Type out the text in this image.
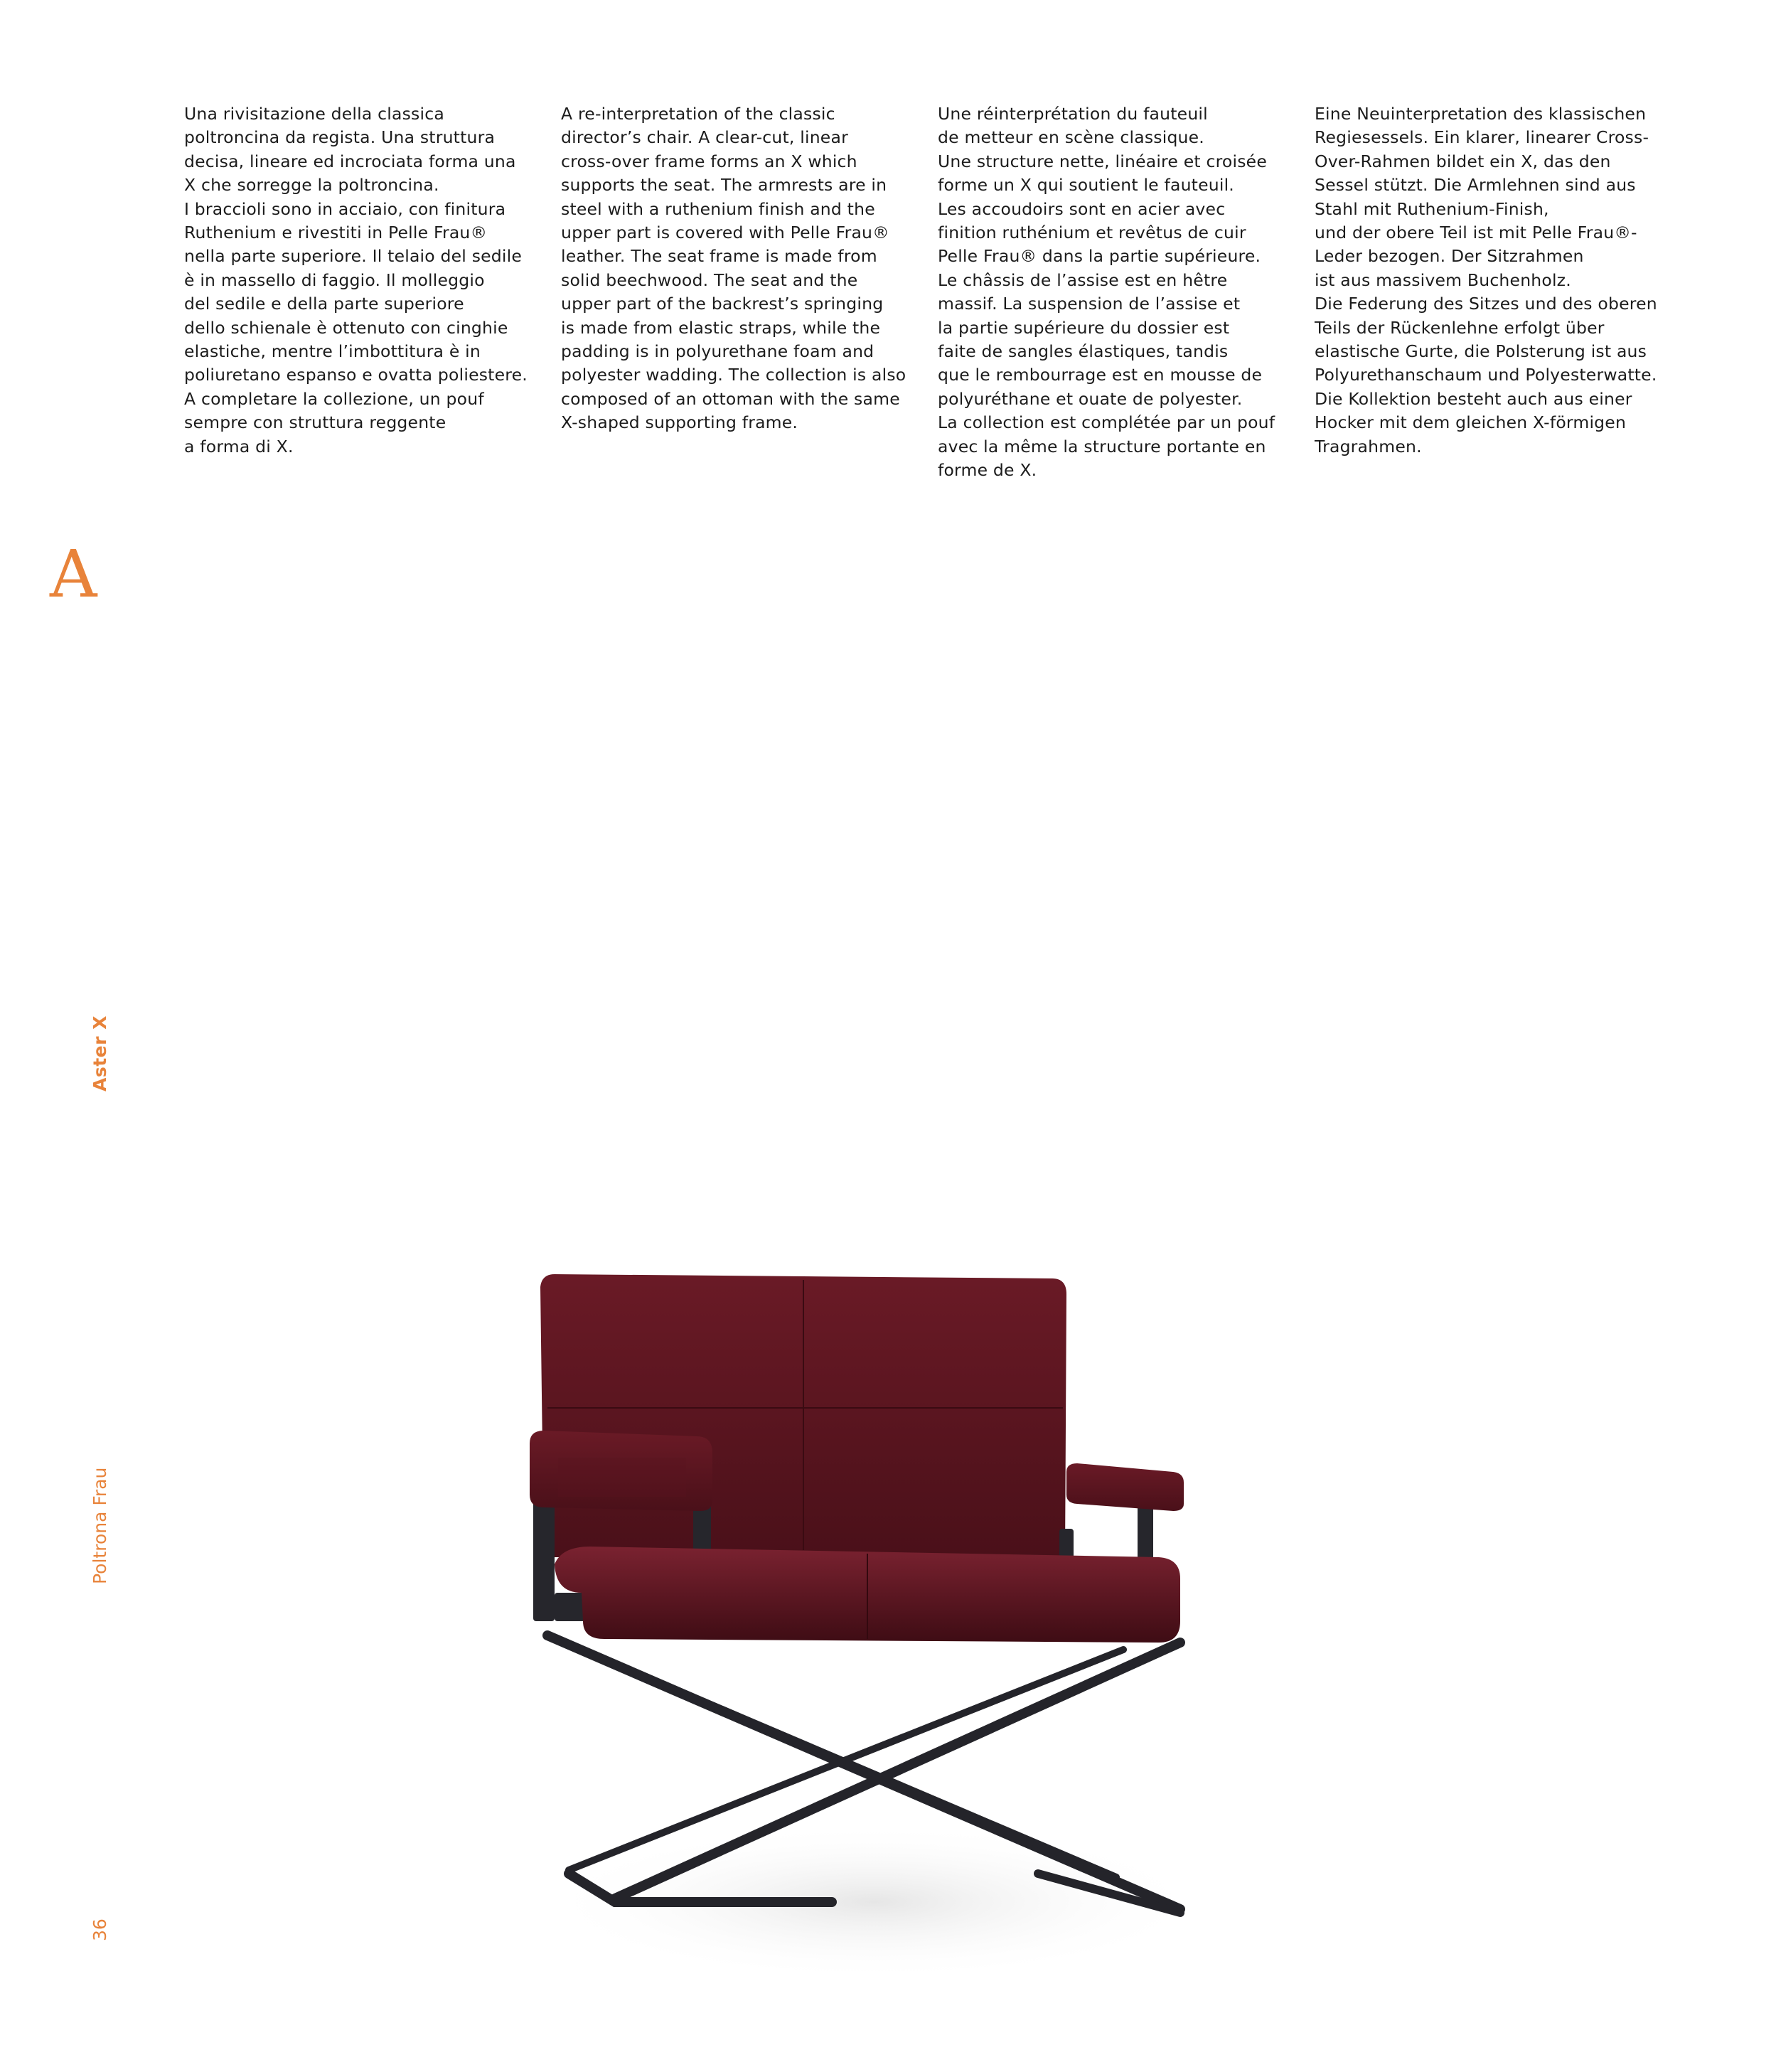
Una rivisitazione della classica
poltroncina da regista. Una struttura
decisa, lineare ed incrociata forma una
X che sorregge la poltroncina.
I braccioli sono in acciaio, con finitura
Ruthenium e rivestiti in Pelle Frau®
nella parte superiore. Il telaio del sedile
è in massello di faggio. Il molleggio
del sedile e della parte superiore
dello schienale è ottenuto con cinghie
elastiche, mentre l’imbottitura è in
poliuretano espanso e ovatta poliestere.
A completare la collezione, un pouf
sempre con struttura reggente
a forma di X.
A re-interpretation of the classic
director’s chair. A clear-cut, linear
cross-over frame forms an X which
supports the seat. The armrests are in
steel with a ruthenium finish and the
upper part is covered with Pelle Frau®
leather. The seat frame is made from
solid beechwood. The seat and the
upper part of the backrest’s springing
is made from elastic straps, while the
padding is in polyurethane foam and
polyester wadding. The collection is also
composed of an ottoman with the same
X-shaped supporting frame.
Une réinterprétation du fauteuil
de metteur en scène classique.
Une structure nette, linéaire et croisée
forme un X qui soutient le fauteuil.
Les accoudoirs sont en acier avec
finition ruthénium et revêtus de cuir
Pelle Frau® dans la partie supérieure.
Le châssis de l’assise est en hêtre
massif. La suspension de l’assise et
la partie supérieure du dossier est
faite de sangles élastiques, tandis
que le rembourrage est en mousse de
polyuréthane et ouate de polyester.
La collection est complétée par un pouf
avec la même la structure portante en
forme de X.
Eine Neuinterpretation des klassischen
Regiesessels. Ein klarer, linearer Cross-
Over-Rahmen bildet ein X, das den
Sessel stützt. Die Armlehnen sind aus
Stahl mit Ruthenium-Finish,
und der obere Teil ist mit Pelle Frau®-
Leder bezogen. Der Sitzrahmen
ist aus massivem Buchenholz.
Die Federung des Sitzes und des oberen
Teils der Rückenlehne erfolgt über
elastische Gurte, die Polsterung ist aus
Polyurethanschaum und Polyesterwatte.
Die Kollektion besteht auch aus einer
Hocker mit dem gleichen X-förmigen
Tragrahmen.
A
Aster X
Poltrona Frau
36
